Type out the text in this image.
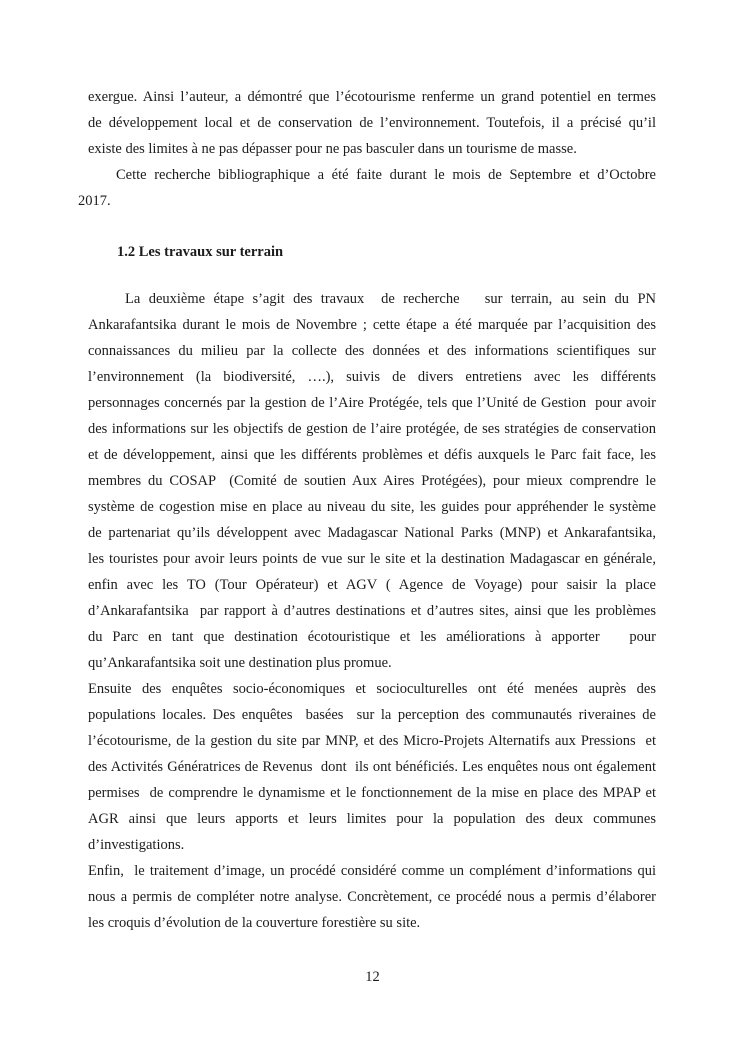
exergue. Ainsi l’auteur, a démontré que l’écotourisme renferme un grand potentiel en termes
de développement local et de conservation de l’environnement. Toutefois, il a précisé qu’il
existe des limites à ne pas dépasser pour ne pas basculer dans un tourisme de masse.
Cette recherche bibliographique a été faite durant le mois de Septembre et d’Octobre
2017.
1.2 Les travaux sur terrain
La deuxième étape s’agit des travaux  de recherche   sur terrain, au sein du PN
Ankarafantsika durant le mois de Novembre ; cette étape a été marquée par l’acquisition des
connaissances du milieu par la collecte des données et des informations scientifiques sur
l’environnement (la biodiversité, ….), suivis de divers entretiens avec les différents
personnages concernés par la gestion de l’Aire Protégée, tels que l’Unité de Gestion  pour avoir
des informations sur les objectifs de gestion de l’aire protégée, de ses stratégies de conservation
et de développement, ainsi que les différents problèmes et défis auxquels le Parc fait face, les
membres du COSAP  (Comité de soutien Aux Aires Protégées), pour mieux comprendre le
système de cogestion mise en place au niveau du site, les guides pour appréhender le système
de partenariat qu’ils développent avec Madagascar National Parks (MNP) et Ankarafantsika,
les touristes pour avoir leurs points de vue sur le site et la destination Madagascar en générale,
enfin avec les TO (Tour Opérateur) et AGV ( Agence de Voyage) pour saisir la place
d’Ankarafantsika  par rapport à d’autres destinations et d’autres sites, ainsi que les problèmes
du Parc en tant que destination écotouristique et les améliorations à apporter   pour
qu’Ankarafantsika soit une destination plus promue.
Ensuite des enquêtes socio-économiques et socioculturelles ont été menées auprès des
populations locales. Des enquêtes  basées  sur la perception des communautés riveraines de
l’écotourisme, de la gestion du site par MNP, et des Micro-Projets Alternatifs aux Pressions  et
des Activités Génératrices de Revenus  dont  ils ont bénéficiés. Les enquêtes nous ont également
permises  de comprendre le dynamisme et le fonctionnement de la mise en place des MPAP et
AGR ainsi que leurs apports et leurs limites pour la population des deux communes
d’investigations.
Enfin,  le traitement d’image, un procédé considéré comme un complément d’informations qui
nous a permis de compléter notre analyse. Concrètement, ce procédé nous a permis d’élaborer
les croquis d’évolution de la couverture forestière su site.
12
